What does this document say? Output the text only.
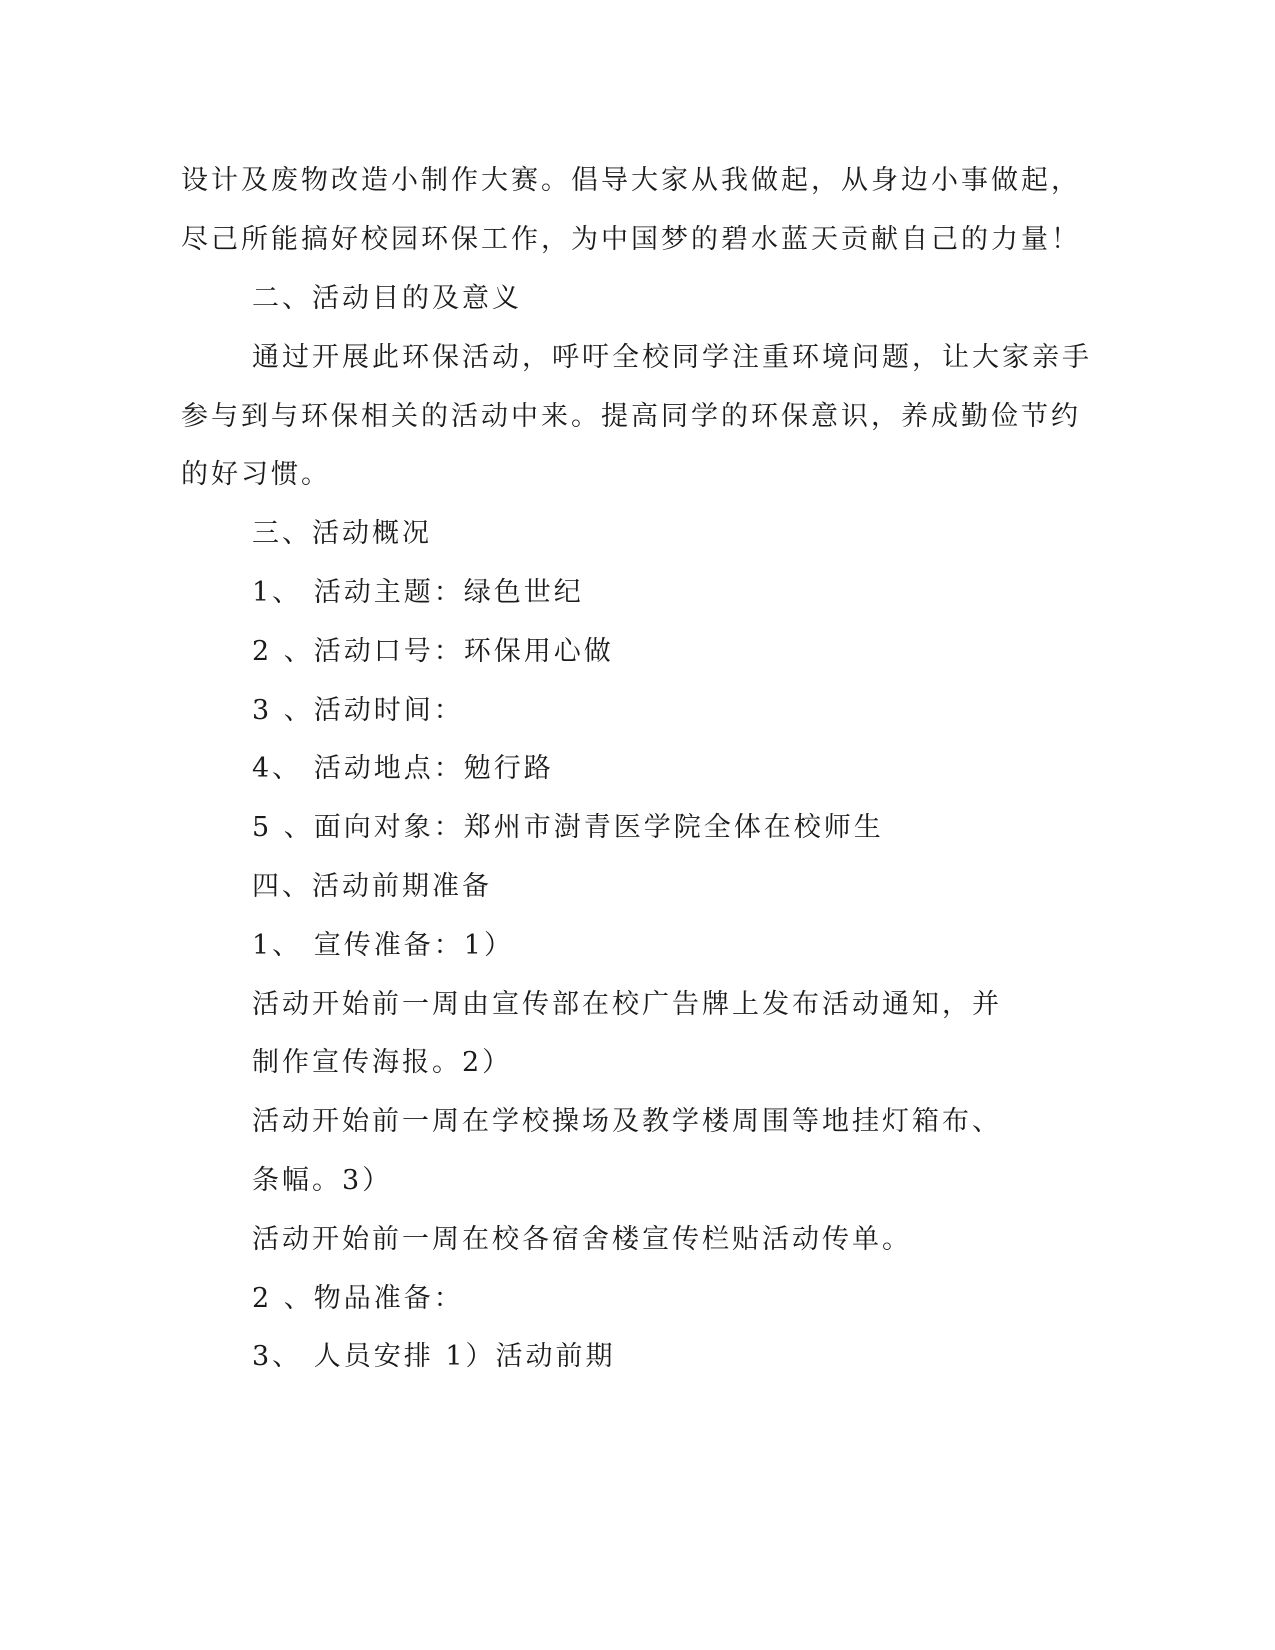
设计及废物改造小制作大赛。倡导大家从我做起，从身边小事做起，
尽己所能搞好校园环保工作，为中国梦的碧水蓝天贡献自己的力量！
二、活动目的及意义
通过开展此环保活动，呼吁全校同学注重环境问题，让大家亲手
参与到与环保相关的活动中来。提高同学的环保意识，养成勤俭节约
的好习惯。
三、活动概况
1、 活动主题：绿色世纪
2 、活动口号：环保用心做
3 、活动时间：
4、 活动地点：勉行路
5 、面向对象：郑州市澍青医学院全体在校师生
四、活动前期准备
1、 宣传准备：1）
活动开始前一周由宣传部在校广告牌上发布活动通知，并
制作宣传海报。2）
活动开始前一周在学校操场及教学楼周围等地挂灯箱布、
条幅。3）
活动开始前一周在校各宿舍楼宣传栏贴活动传单。
2 、物品准备：
3、 人员安排 1）活动前期
